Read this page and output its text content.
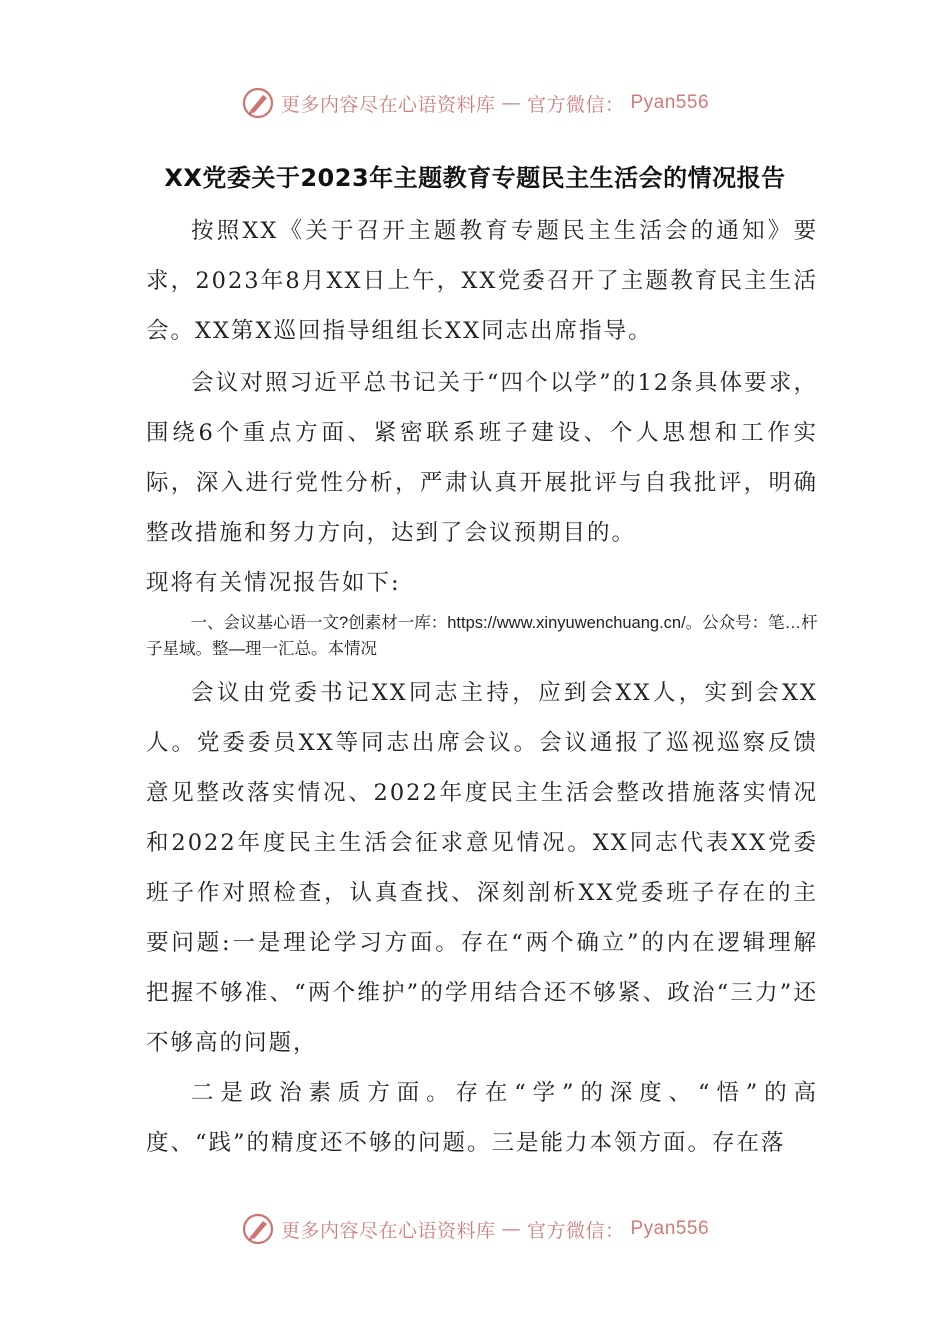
更多内容尽在心语资料库 — 官方微信： Pyan556
XX党委关于2023年主题教育专题民主生活会的情况报告

按照XX《关于召开主题教育专题民主生活会的通知》要求，2023年8月XX日上午，XX党委召开了主题教育民主生活会。XX第X巡回指导组组长XX同志出席指导。

会议对照习近平总书记关于“四个以学”的12条具体要求，围绕6个重点方面、紧密联系班子建设、个人思想和工作实际，深入进行党性分析，严肃认真开展批评与自我批评，明确整改措施和努力方向，达到了会议预期目的。

现将有关情况报告如下:

一、会议基心语一文?创素材一库：https://www.xinyuwenchuang.cn/。公众号：笔…杆子星域。整—理一汇总。本情况

会议由党委书记XX同志主持，应到会XX人，实到会XX人。党委委员XX等同志出席会议。会议通报了巡视巡察反馈意见整改落实情况、2022年度民主生活会整改措施落实情况和2022年度民主生活会征求意见情况。XX同志代表XX党委班子作对照检查，认真查找、深刻剖析XX党委班子存在的主要问题:一是理论学习方面。存在“两个确立”的内在逻辑理解把握不够准、“两个维护”的学用结合还不够紧、政治“三力”还不够高的问题，

二是政治素质方面。存在“学”的深度、“悟”的高度、“践”的精度还不够的问题。三是能力本领方面。存在落

更多内容尽在心语资料库 — 官方微信： Pyan556
